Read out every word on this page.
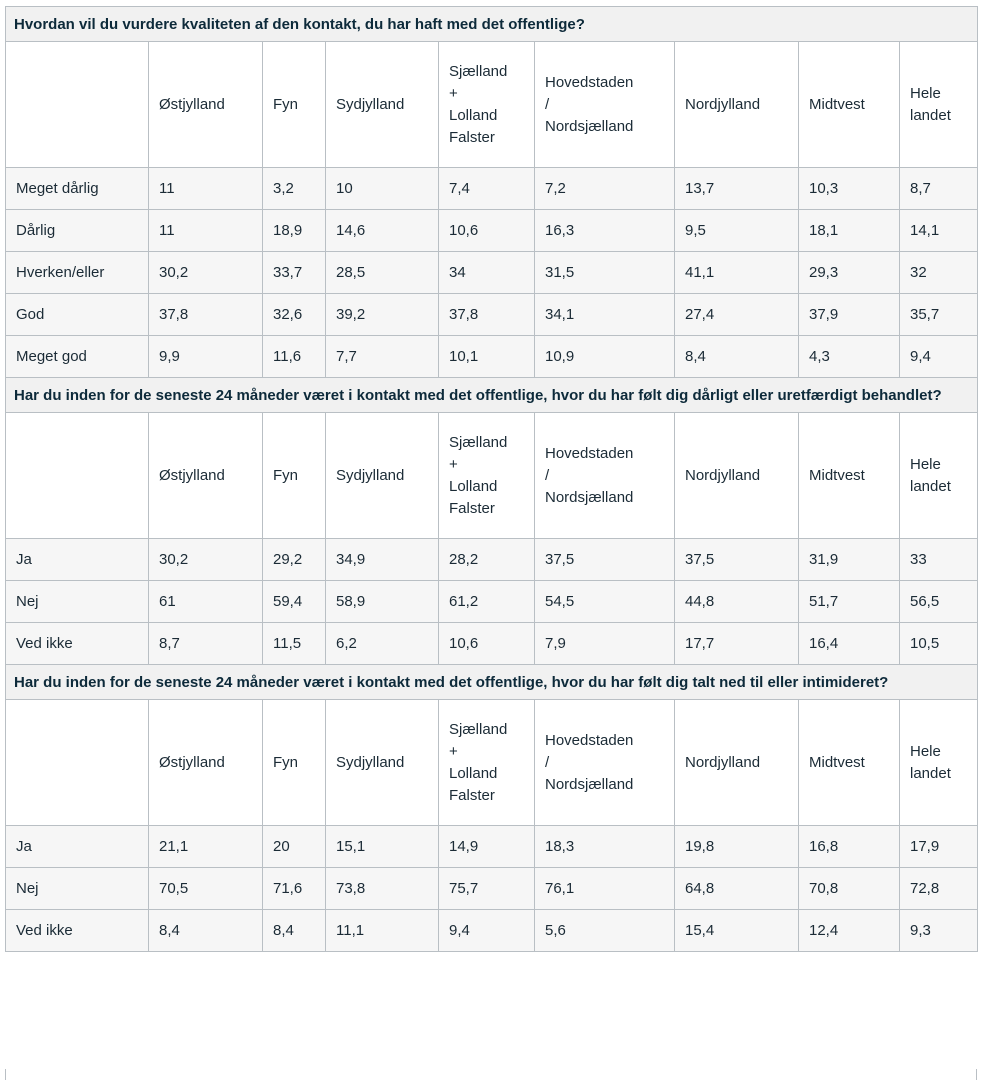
Hvordan vil du vurdere kvaliteten af den kontakt, du har haft med det offentlige?								
	Østjylland	Fyn	Sydjylland	Sjælland
+
Lolland
Falster	Hovedstaden
/
Nordsjælland	Nordjylland	Midtvest	Hele
landet
Meget dårlig	11	3,2	10	7,4	7,2	13,7	10,3	8,7
Dårlig	11	18,9	14,6	10,6	16,3	9,5	18,1	14,1
Hverken/eller	30,2	33,7	28,5	34	31,5	41,1	29,3	32
God	37,8	32,6	39,2	37,8	34,1	27,4	37,9	35,7
Meget god	9,9	11,6	7,7	10,1	10,9	8,4	4,3	9,4
Har du inden for de seneste 24 måneder været i kontakt med det offentlige, hvor du har følt dig dårligt eller uretfærdigt behandlet?								
	Østjylland	Fyn	Sydjylland	Sjælland
+
Lolland
Falster	Hovedstaden
/
Nordsjælland	Nordjylland	Midtvest	Hele
landet
Ja	30,2	29,2	34,9	28,2	37,5	37,5	31,9	33
Nej	61	59,4	58,9	61,2	54,5	44,8	51,7	56,5
Ved ikke	8,7	11,5	6,2	10,6	7,9	17,7	16,4	10,5
Har du inden for de seneste 24 måneder været i kontakt med det offentlige, hvor du har følt dig talt ned til eller intimideret?								
	Østjylland	Fyn	Sydjylland	Sjælland
+
Lolland
Falster	Hovedstaden
/
Nordsjælland	Nordjylland	Midtvest	Hele
landet
Ja	21,1	20	15,1	14,9	18,3	19,8	16,8	17,9
Nej	70,5	71,6	73,8	75,7	76,1	64,8	70,8	72,8
Ved ikke	8,4	8,4	11,1	9,4	5,6	15,4	12,4	9,3
